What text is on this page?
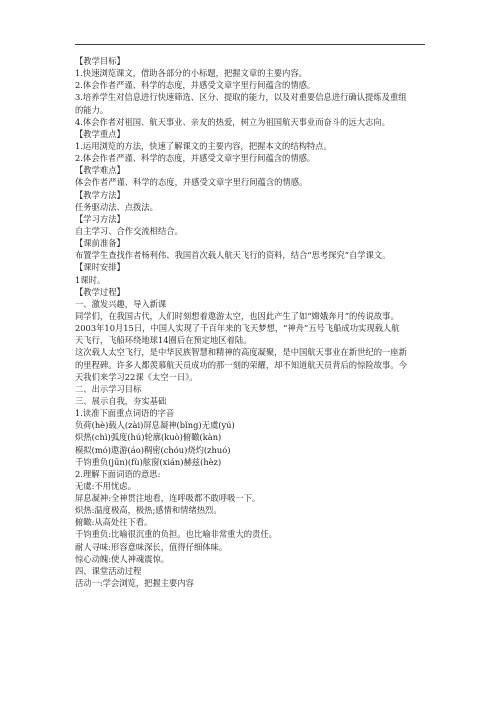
【教学目标】
1.快速浏览课文，借助各部分的小标题，把握文章的主要内容。
2.体会作者严谨、科学的态度，并感受文章字里行间蕴含的情感。
3.培养学生对信息进行快速筛选、区分、提取的能力，以及对重要信息进行确认提炼及重组
的能力。
4.体会作者对祖国、航天事业、亲友的热爱，树立为祖国航天事业而奋斗的远大志向。
【教学重点】
1.运用浏览的方法，快速了解课文的主要内容，把握本文的结构特点。
2.体会作者严谨、科学的态度，并感受文章字里行间蕴含的情感。
【教学难点】
体会作者严谨、科学的态度，并感受文章字里行间蕴含的情感。
【教学方法】
任务驱动法、点拨法。
【学习方法】
自主学习、合作交流相结合。
【课前准备】
布置学生查找作者杨利伟、我国首次载人航天飞行的资料，结合“思考探究”自学课文。
【课时安排】
1课时。
【教学过程】
一、激发兴趣，导入新课
同学们，在我国古代，人们时刻想着遨游太空，也因此产生了如“嫦娥奔月”的传说故事。
2003年10月15日，中国人实现了千百年来的飞天梦想，“神舟”五号飞船成功实现载人航
天飞行，飞船环绕地球14圈后在预定地区着陆。
这次载人太空飞行，是中华民族智慧和精神的高度凝聚，是中国航天事业在新世纪的一座新
的里程碑。许多人都羡慕航天员成功的那一刻的荣耀，却不知道航天员背后的惊险故事。今
天我们来学习22课《太空一日》。
二、出示学习目标
三、展示自我，夯实基础
1.读准下面重点词语的字音
负荷(hè)载人(zài)屏息凝神(bǐng)无虞(yú)
炽热(chì)弧度(hú)轮廓(kuò)俯瞰(kàn)
模拟(mó)遨游(áo)稠密(chóu)烧灼(zhuó)
千钧重负(jūn)(fù)舷窗(xián)赫兹(hèz)
2.理解下面词语的意思:
无虞:不用忧虑。
屏息凝神:全神贯注地看，连呼吸都不敢呼吸一下。
炽热:温度极高，极热;感情和情绪热烈。
俯瞰:从高处往下看。
千钧重负:比喻很沉重的负担。也比喻非常重大的责任。
耐人寻味:形容意味深长，值得仔细体味。
惊心动魄:使人神魂震惊。
四、课堂活动过程
活动一:学会浏览，把握主要内容
